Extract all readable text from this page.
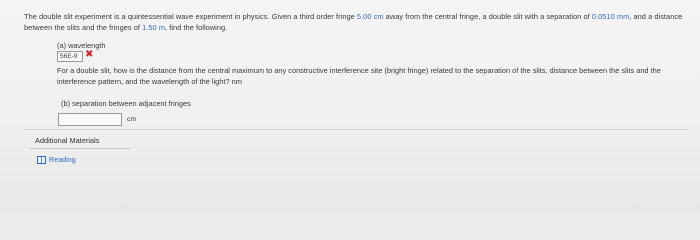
The double slit experiment is a quintessential wave experiment in physics. Given a third order fringe 5.00 cm away from the central fringe, a double slit with a separation of 0.0510 mm, and a distance between the slits and the fringes of 1.50 m, find the following.
(a) wavelength
56E-9 ✖
For a double slit, how is the distance from the central maximum to any constructive interference site (bright fringe) related to the separation of the slits, distance between the slits and the interference pattern, and the wavelength of the light? nm
(b) separation between adjacent fringes
cm
Additional Materials
Reading
